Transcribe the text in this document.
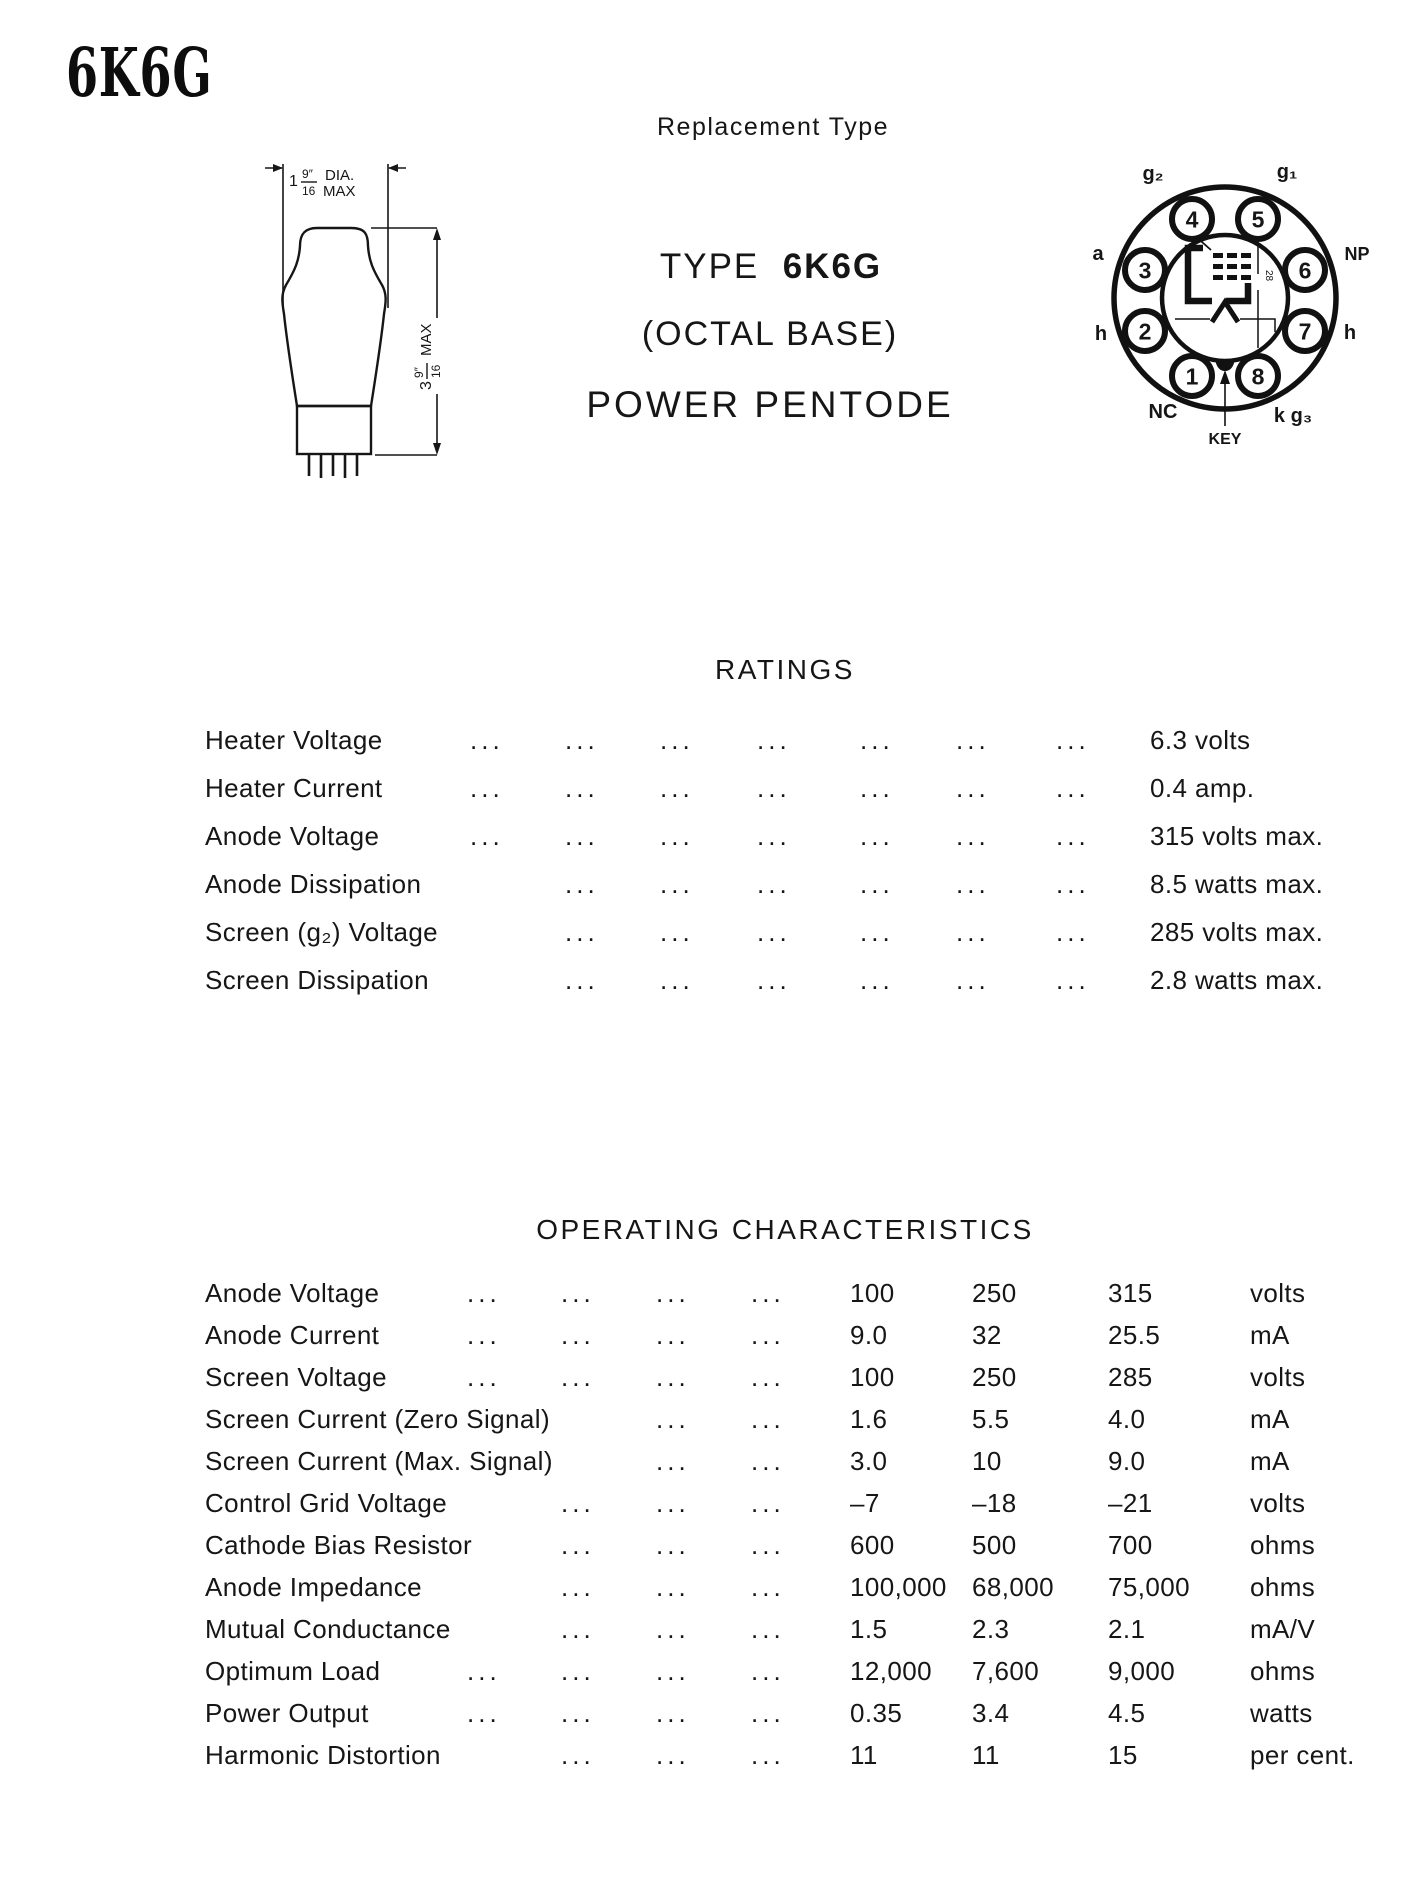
6K6G
1 9″
16
DIA.
MAX
3
9″ 16
MAX
Replacement Type
TYPE 6K6G
(OCTAL BASE)
POWER PENTODE
28
1
2
3
4 5
6
7
8
g₂	g₁
a	NP
h	h
NC	k g₃
KEY
RATINGS
Heater Voltage	... ... ... ...	... ...	... 6.3 volts
Heater Current	... ... ... ...	... ...	... 0.4 amp.
Anode Voltage	... ... ... ...	... ...	... 315 volts max.
Anode Dissipation	... ... ...	... ...	... 8.5 watts max.
Screen (g₂) Voltage	... ... ...	... ...	... 285 volts max.
Screen Dissipation	... ... ...	... ...	... 2.8 watts max.
OPERATING CHARACTERISTICS
Anode Voltage	... ... ... ...	100	250	315	volts
Anode Current	... ... ... ...	9.0	32	25.5	mA
Screen Voltage	... ... ... ...	100	250	285	volts
Screen Current (Zero Signal)	... ...	1.6	5.5	4.0	mA
Screen Current (Max. Signal)	... ...	3.0	10	9.0	mA
Control Grid Voltage	... ... ...	–7	–18	–21	volts
Cathode Bias Resistor	... ... ...	600	500	700	ohms
Anode Impedance	... ... ...	100,000 68,000 75,000 ohms
Mutual Conductance	... ... ...	1.5	2.3	2.1	mA/V
Optimum Load	... ... ... ...	12,000 7,600	9,000	ohms
Power Output	... ... ... ...	0.35	3.4	4.5	watts
Harmonic Distortion	... ... ...	11	11	15	per cent.
